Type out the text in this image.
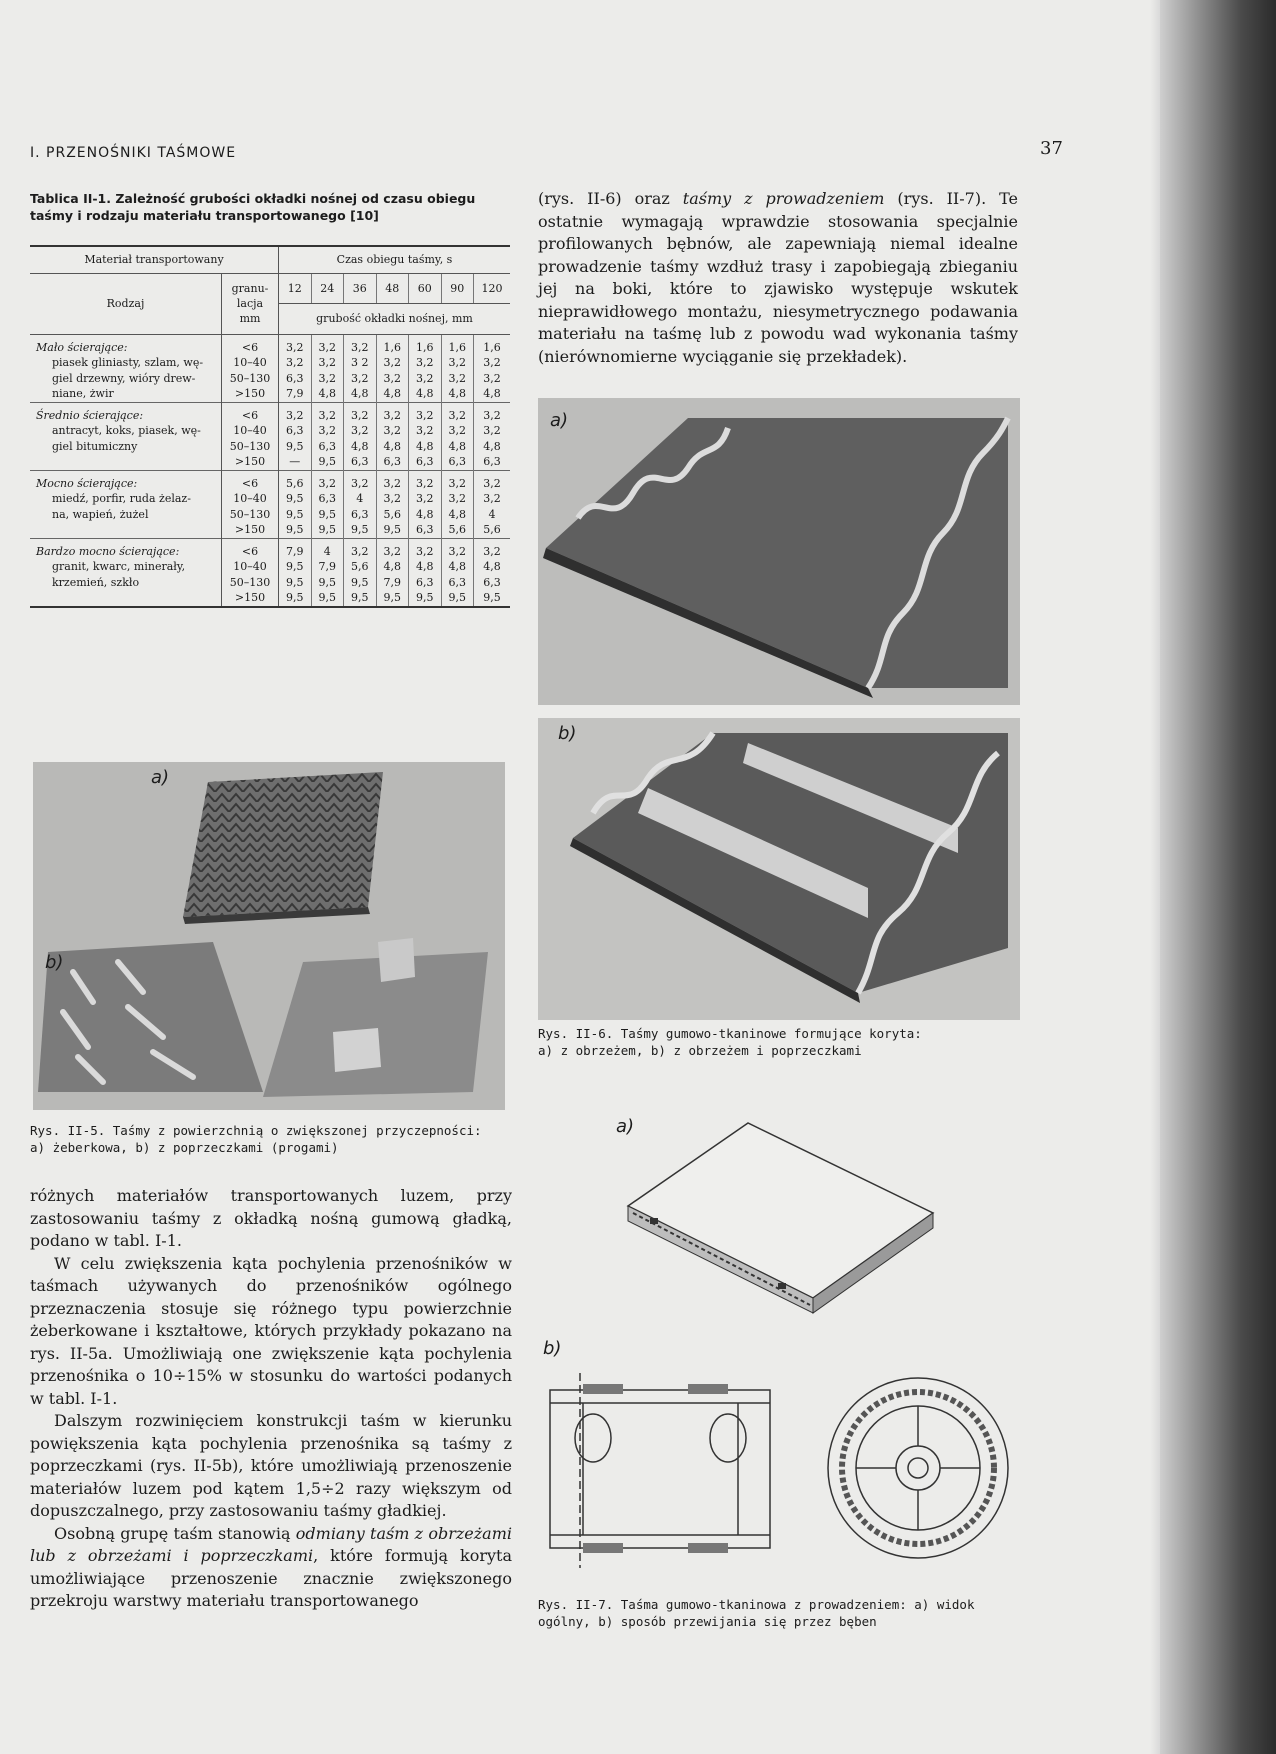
I. PRZENOŚNIKI TAŚMOWE	37
Tablica II-1. Zależność grubości okładki nośnej od czasu obiegu taśmy i rodzaju materiału transportowanego [10]
Materiał transportowany		Czas obiegu taśmy, s						
Rodzaj	granu-
lacja
mm	12	24	36	48	60	90	120
		grubość okładki nośnej, mm						
Mało ścierające:	<6	3,2	3,2	3,2	1,6	1,6	1,6	1,6
piasek gliniasty, szlam, wę-	10–40	3,2	3,2	3 2	3,2	3,2	3,2	3,2
giel drzewny, wióry drew-	50–130	6,3	3,2	3,2	3,2	3,2	3,2	3,2
niane, żwir	>150	7,9	4,8	4,8	4,8	4,8	4,8	4,8
Średnio ścierające:	<6	3,2	3,2	3,2	3,2	3,2	3,2	3,2
antracyt, koks, piasek, wę-	10–40	6,3	3,2	3,2	3,2	3,2	3,2	3,2
giel bitumiczny	50–130	9,5	6,3	4,8	4,8	4,8	4,8	4,8
	>150	—	9,5	6,3	6,3	6,3	6,3	6,3
Mocno ścierające:	<6	5,6	3,2	3,2	3,2	3,2	3,2	3,2
miedź, porfir, ruda żelaz-	10–40	9,5	6,3	4	3,2	3,2	3,2	3,2
na, wapień, żużel	50–130	9,5	9,5	6,3	5,6	4,8	4,8	4
	>150	9,5	9,5	9,5	9,5	6,3	5,6	5,6
Bardzo mocno ścierające:	<6	7,9	4	3,2	3,2	3,2	3,2	3,2
granit, kwarc, minerały,	10–40	9,5	7,9	5,6	4,8	4,8	4,8	4,8
krzemień, szkło	50–130	9,5	9,5	9,5	7,9	6,3	6,3	6,3
	>150	9,5	9,5	9,5	9,5	9,5	9,5	9,5
a)
b)
Rys. II-5. Taśmy z powierzchnią o zwiększonej przyczepności:
a) żeberkowa, b) z poprzeczkami (progami)

różnych materiałów transportowanych luzem, przy zastosowaniu taśmy z okładką nośną gumową gładką, podano w tabl. I-1.

W celu zwiększenia kąta pochylenia przenośników w taśmach używanych do przenośników ogólnego przeznaczenia stosuje się różnego typu powierzchnie żeberkowane i kształtowe, których przykłady pokazano na rys. II-5a. Umożliwiają one zwiększenie kąta pochylenia przenośnika o 10÷15% w stosunku do wartości podanych w tabl. I-1.

Dalszym rozwinięciem konstrukcji taśm w kierunku powiększenia kąta pochylenia przenośnika są taśmy z poprzeczkami (rys. II-5b), które umożliwiają przenoszenie materiałów luzem pod kątem 1,5÷2 razy większym od dopuszczalnego, przy zastosowaniu taśmy gładkiej.

Osobną grupę taśm stanowią odmiany taśm z obrzeżami lub z obrzeżami i poprzeczkami, które formują koryta umożliwiające przenoszenie znacznie zwiększonego przekroju warstwy materiału transportowanego

(rys. II-6) oraz taśmy z prowadzeniem (rys. II-7). Te ostatnie wymagają wprawdzie stosowania specjalnie profilowanych bębnów, ale zapewniają niemal idealne prowadzenie taśmy wzdłuż trasy i zapobiegają zbieganiu jej na boki, które to zjawisko występuje wskutek nieprawidłowego montażu, niesymetrycznego podawania materiału na taśmę lub z powodu wad wykonania taśmy (nierównomierne wyciąganie się przekładek).

a)
b)
Rys. II-6. Taśmy gumowo-tkaninowe formujące koryta:
a) z obrzeżem, b) z obrzeżem i poprzeczkami
a)
b)
Rys. II-7. Taśma gumowo-tkaninowa z prowadzeniem: a) widok
ogólny, b) sposób przewijania się przez bęben
